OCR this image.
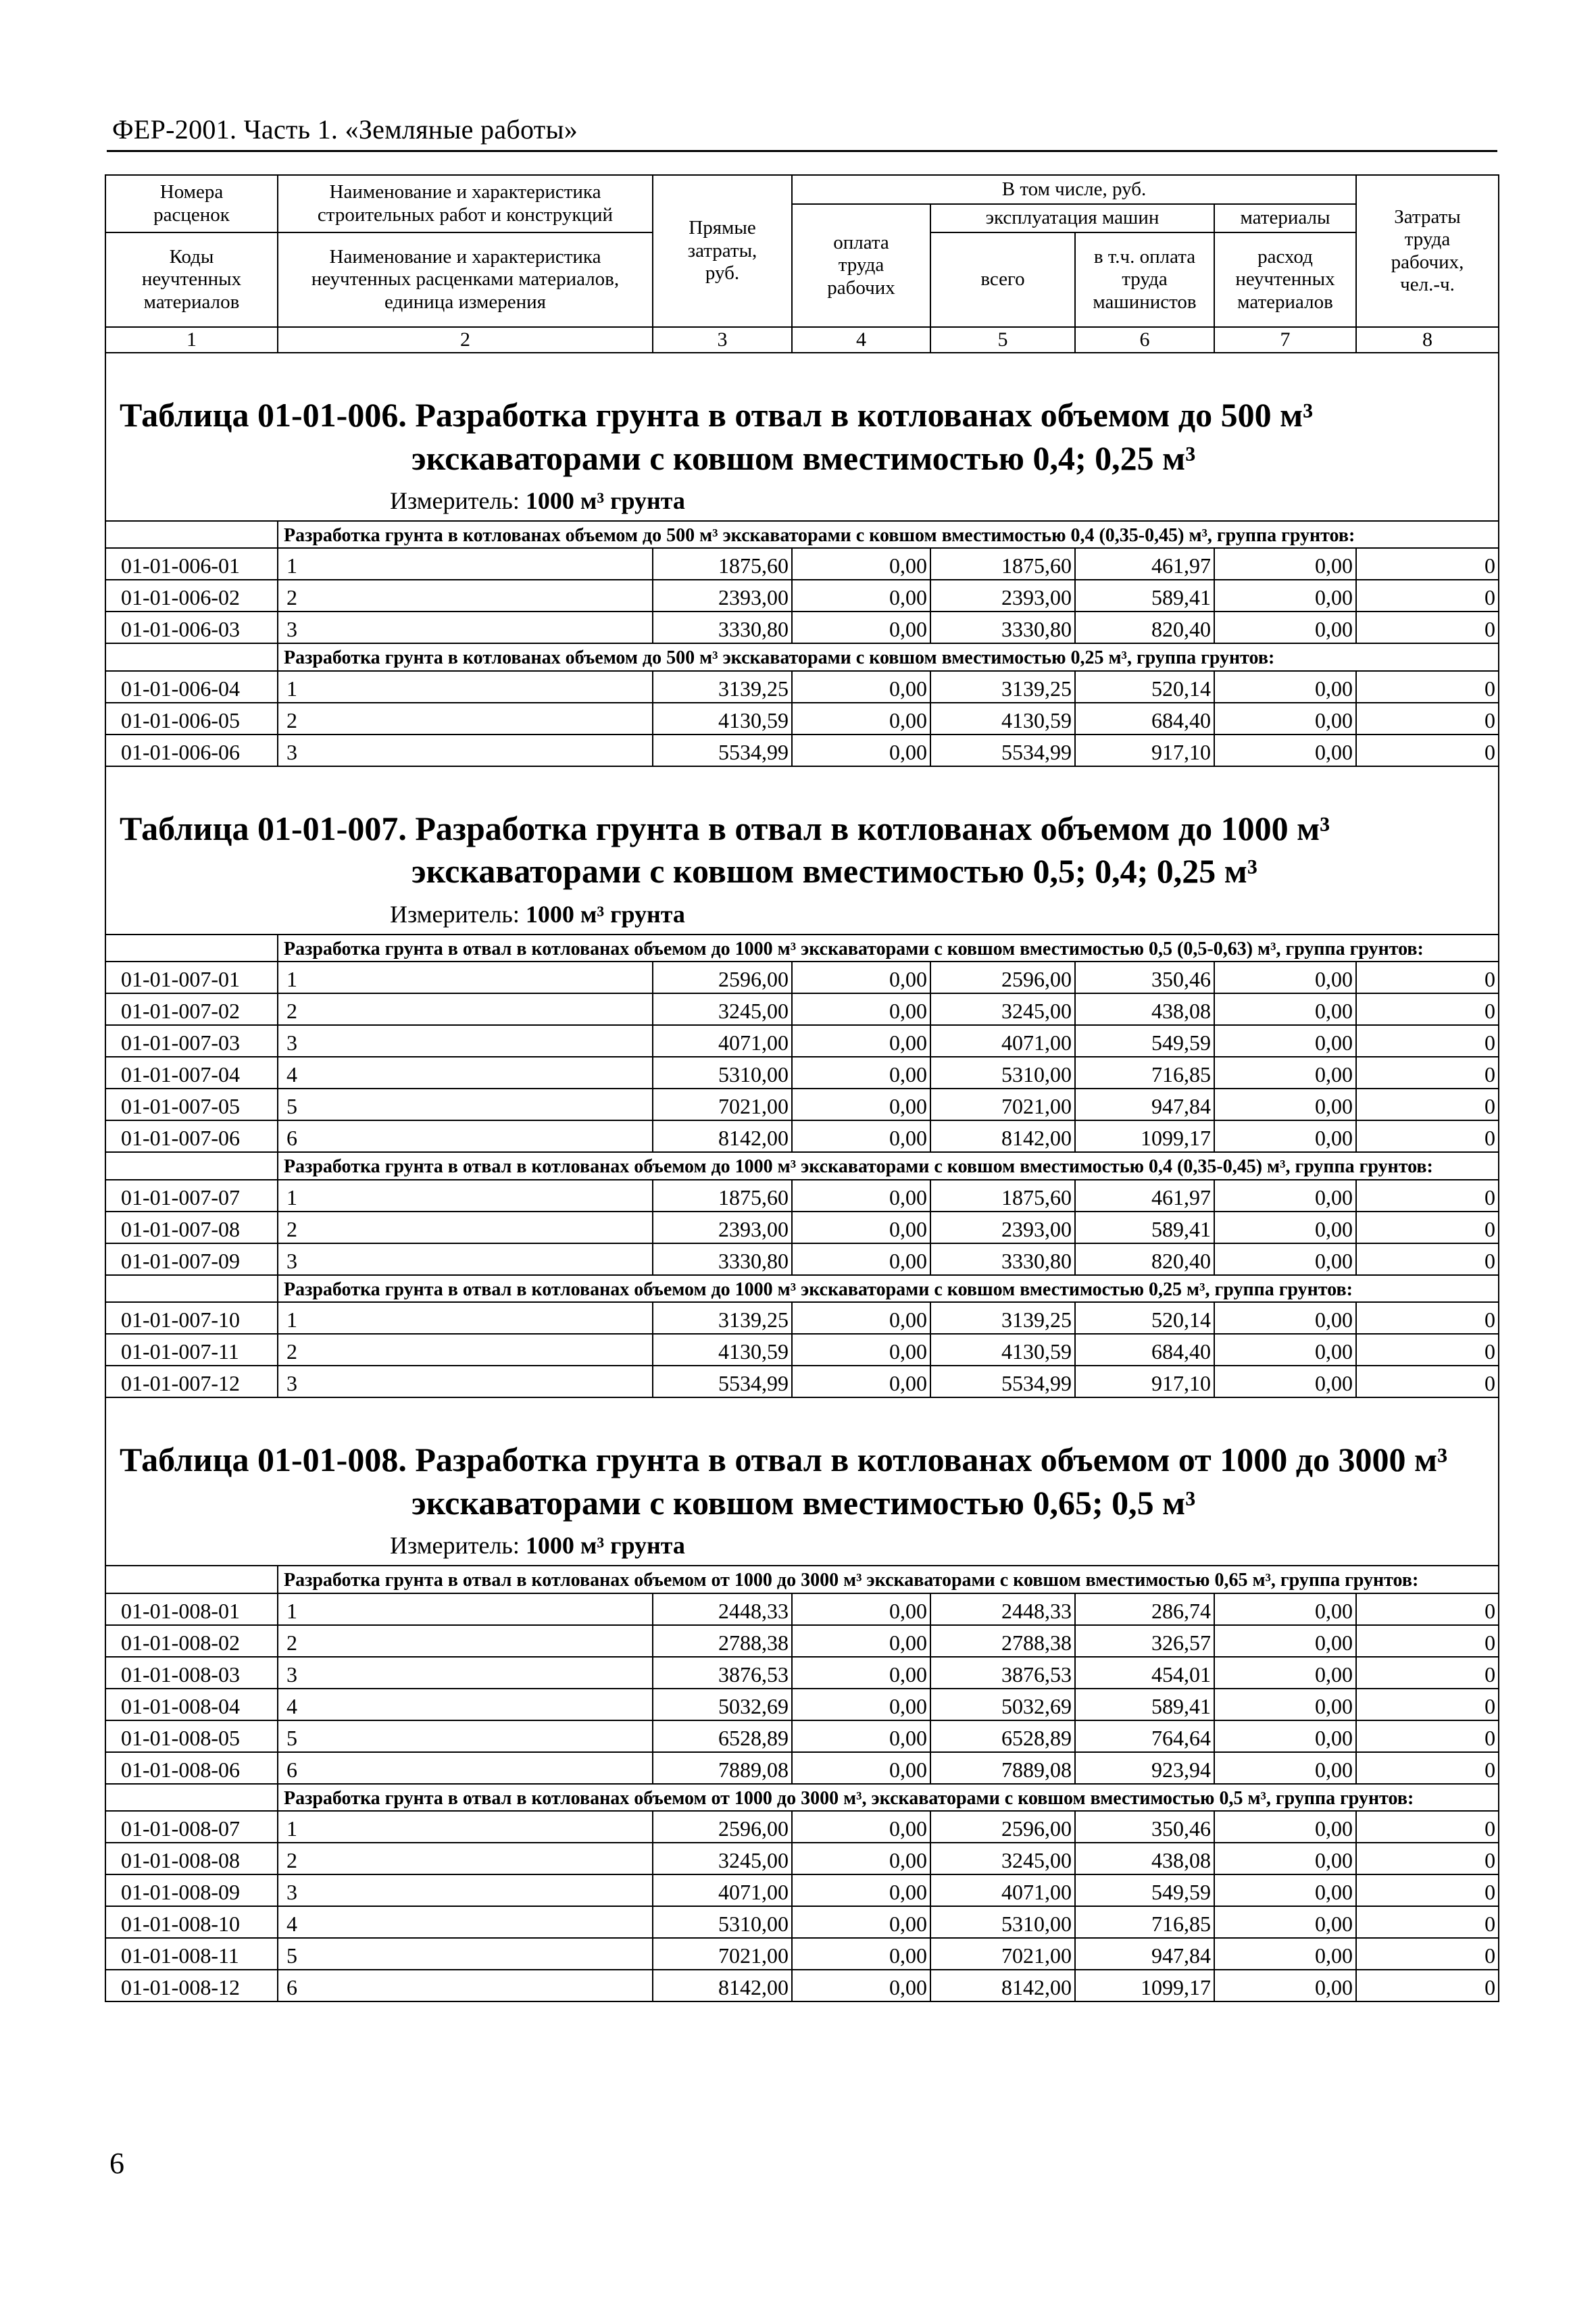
ФЕР-2001. Часть 1. «Земляные работы»
Номера расценок	Наименование и характеристика строительных работ и конструкций	Прямые затраты, руб.	В том числе, руб.				Затраты труда рабочих, чел.-ч.
			оплата труда рабочих	эксплуатация машин		материалы	
Коды неучтенных материалов	Наименование и характеристика неучтенных расценками материалов, единица измерения			всего	в т.ч. оплата труда машинистов	расход неучтенных материалов	

1	2	3	4	5	6	7	8
Таблица 01-01-006. Разработка грунта в отвал в котлованах объемом до 500 м³
экскаваторами с ковшом вместимостью 0,4; 0,25 м³
Измеритель: 1000 м³ грунта
	Разработка грунта в котлованах объемом до 500 м³ экскаваторами с ковшом вместимостью 0,4 (0,35-0,45) м³, группа грунтов:						
01-01-006-01	1	1875,60	0,00	1875,60	461,97	0,00	0
01-01-006-02	2	2393,00	0,00	2393,00	589,41	0,00	0
01-01-006-03	3	3330,80	0,00	3330,80	820,40	0,00	0
	Разработка грунта в котлованах объемом до 500 м³ экскаваторами с ковшом вместимостью 0,25 м³, группа грунтов:						
01-01-006-04	1	3139,25	0,00	3139,25	520,14	0,00	0
01-01-006-05	2	4130,59	0,00	4130,59	684,40	0,00	0
01-01-006-06	3	5534,99	0,00	5534,99	917,10	0,00	0
Таблица 01-01-007. Разработка грунта в отвал в котлованах объемом до 1000 м³
экскаваторами с ковшом вместимостью 0,5; 0,4; 0,25 м³
Измеритель: 1000 м³ грунта
	Разработка грунта в отвал в котлованах объемом до 1000 м³ экскаваторами с ковшом вместимостью 0,5 (0,5-0,63) м³, группа грунтов:						
01-01-007-01	1	2596,00	0,00	2596,00	350,46	0,00	0
01-01-007-02	2	3245,00	0,00	3245,00	438,08	0,00	0
01-01-007-03	3	4071,00	0,00	4071,00	549,59	0,00	0
01-01-007-04	4	5310,00	0,00	5310,00	716,85	0,00	0
01-01-007-05	5	7021,00	0,00	7021,00	947,84	0,00	0
01-01-007-06	6	8142,00	0,00	8142,00	1099,17	0,00	0
	Разработка грунта в отвал в котлованах объемом до 1000 м³ экскаваторами с ковшом вместимостью 0,4 (0,35-0,45) м³, группа грунтов:						
01-01-007-07	1	1875,60	0,00	1875,60	461,97	0,00	0
01-01-007-08	2	2393,00	0,00	2393,00	589,41	0,00	0
01-01-007-09	3	3330,80	0,00	3330,80	820,40	0,00	0
	Разработка грунта в отвал в котлованах объемом до 1000 м³ экскаваторами с ковшом вместимостью 0,25 м³, группа грунтов:						
01-01-007-10	1	3139,25	0,00	3139,25	520,14	0,00	0
01-01-007-11	2	4130,59	0,00	4130,59	684,40	0,00	0
01-01-007-12	3	5534,99	0,00	5534,99	917,10	0,00	0
Таблица 01-01-008. Разработка грунта в отвал в котлованах объемом от 1000 до 3000 м³
экскаваторами с ковшом вместимостью 0,65; 0,5 м³
Измеритель: 1000 м³ грунта
	Разработка грунта в отвал в котлованах объемом от 1000 до 3000 м³ экскаваторами с ковшом вместимостью 0,65 м³, группа грунтов:						
01-01-008-01	1	2448,33	0,00	2448,33	286,74	0,00	0
01-01-008-02	2	2788,38	0,00	2788,38	326,57	0,00	0
01-01-008-03	3	3876,53	0,00	3876,53	454,01	0,00	0
01-01-008-04	4	5032,69	0,00	5032,69	589,41	0,00	0
01-01-008-05	5	6528,89	0,00	6528,89	764,64	0,00	0
01-01-008-06	6	7889,08	0,00	7889,08	923,94	0,00	0
	Разработка грунта в отвал в котлованах объемом от 1000 до 3000 м³, экскаваторами с ковшом вместимостью 0,5 м³, группа грунтов:						
01-01-008-07	1	2596,00	0,00	2596,00	350,46	0,00	0
01-01-008-08	2	3245,00	0,00	3245,00	438,08	0,00	0
01-01-008-09	3	4071,00	0,00	4071,00	549,59	0,00	0
01-01-008-10	4	5310,00	0,00	5310,00	716,85	0,00	0
01-01-008-11	5	7021,00	0,00	7021,00	947,84	0,00	0
01-01-008-12	6	8142,00	0,00	8142,00	1099,17	0,00	0
6
